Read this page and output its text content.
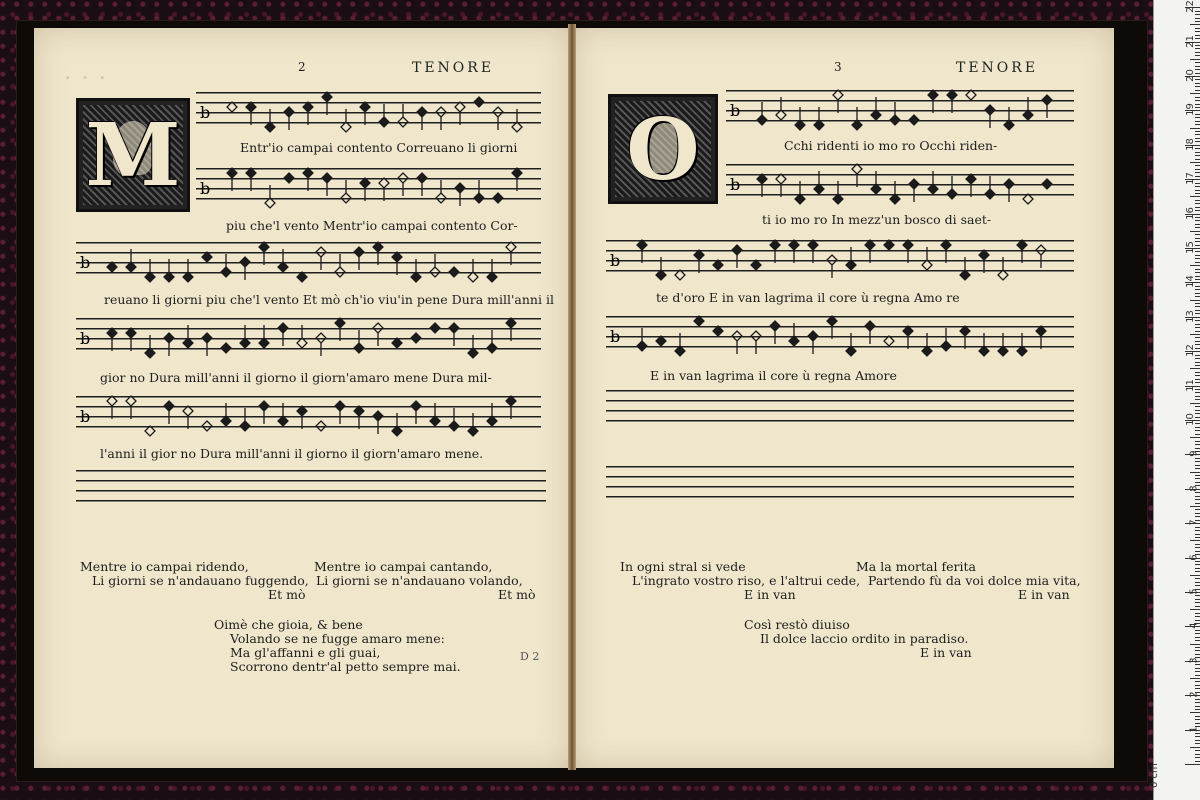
· · ·	2	TENORE
M b
Entr'io campai contento Correuano li giorni
b
piu che'l vento Mentr'io campai contento Cor-
b
reuano li giorni piu che'l vento Et mò ch'io viu'in pene Dura mill'anni il
b
gior no Dura mill'anni il giorno il giorn'amaro mene Dura mil-
b
l'anni il gior no Dura mill'anni il giorno il giorn'amaro mene.
Mentre io campai ridendo,
Li giorni se n'andauano fuggendo,
Et mò
Mentre io campai cantando,
Li giorni se n'andauano volando,
Et mò
Oimè che gioia, & bene
Volando se ne fugge amaro mene:
Ma gl'affanni e gli guai,
Scorrono dentr'al petto sempre mai.
D 2
3	TENORE
O b
Cchi ridenti io mo ro Occhi riden-
b
ti io mo ro In mezz'un bosco di saet-
b
te d'oro E in van lagrima il core ù regna Amo re
b
E in van lagrima il core ù regna Amore
In ogni stral si vede
L'ingrato vostro riso, e l'altrui cede,
Ma la mortal ferita
Partendo fù da voi dolce mia vita,
E in van
E in van
Così restò diuiso
Il dolce laccio ordito in paradiso.
E in van
0 cm
1
2
3
4
5
6
7
8
9
10
11
12
13
14
15
16
17
18
19
20
21
22
